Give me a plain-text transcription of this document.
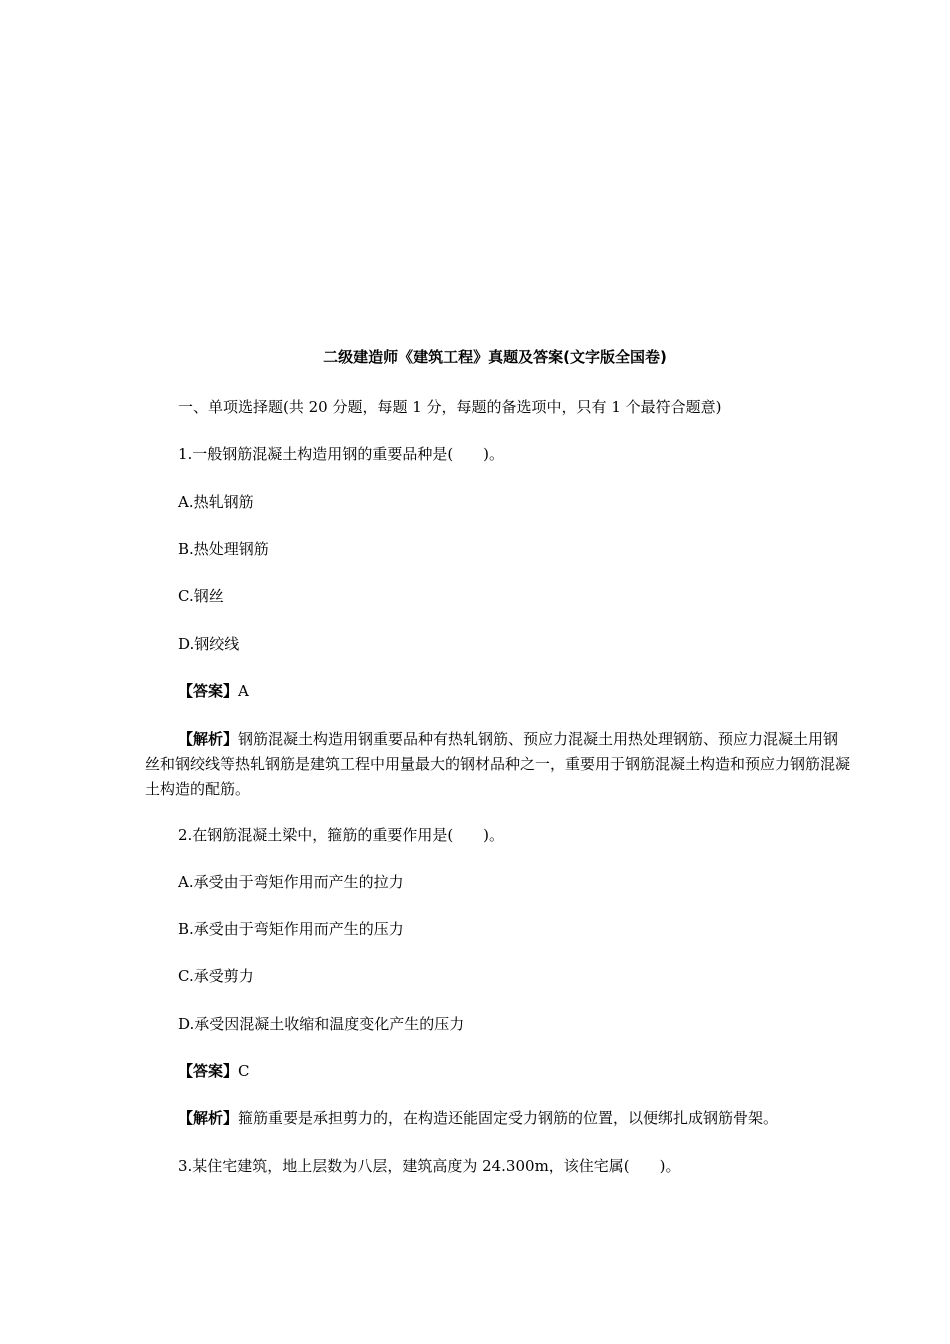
二级建造师《建筑工程》真题及答案(文字版全国卷)
一、单项选择题(共 20 分题，每题 1 分，每题的备选项中，只有 1 个最符合题意)
1.一般钢筋混凝土构造用钢的重要品种是(　　)。
A.热轧钢筋
B.热处理钢筋
C.钢丝
D.钢绞线
【答案】A
【解析】钢筋混凝土构造用钢重要品种有热轧钢筋、预应力混凝土用热处理钢筋、预应力混凝土用钢丝和钢绞线等热轧钢筋是建筑工程中用量最大的钢材品种之一，重要用于钢筋混凝土构造和预应力钢筋混凝土构造的配筋。
2.在钢筋混凝土梁中，箍筋的重要作用是(　　)。
A.承受由于弯矩作用而产生的拉力
B.承受由于弯矩作用而产生的压力
C.承受剪力
D.承受因混凝土收缩和温度变化产生的压力
【答案】C
【解析】箍筋重要是承担剪力的，在构造还能固定受力钢筋的位置，以便绑扎成钢筋骨架。
3.某住宅建筑，地上层数为八层，建筑高度为 24.300m，该住宅属(　　)。
